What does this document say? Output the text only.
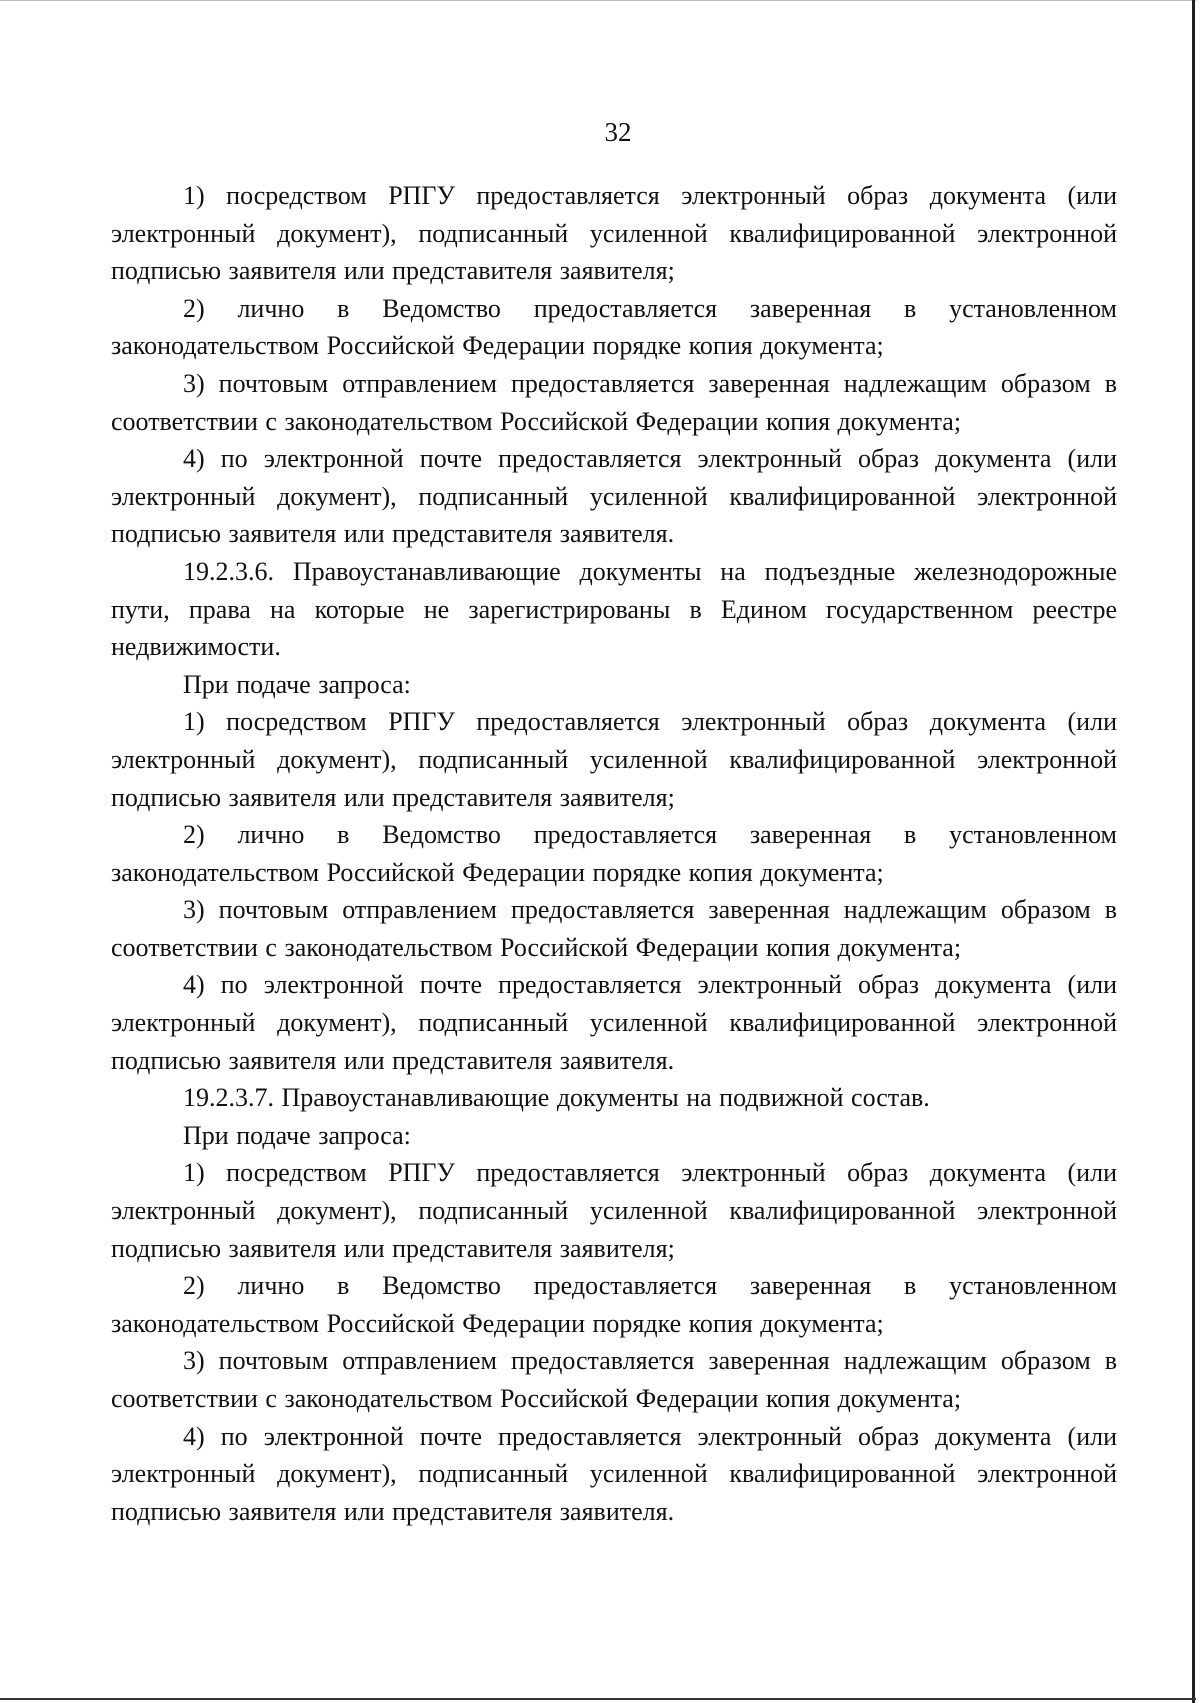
32

1) посредством РПГУ предоставляется электронный образ документа (или электронный документ), подписанный усиленной квалифицированной электронной подписью заявителя или представителя заявителя;

2) лично в Ведомство предоставляется заверенная в установленном законодательством Российской Федерации порядке копия документа;

3) почтовым отправлением предоставляется заверенная надлежащим образом в соответствии с законодательством Российской Федерации копия документа;

4) по электронной почте предоставляется электронный образ документа (или электронный документ), подписанный усиленной квалифицированной электронной подписью заявителя или представителя заявителя.

19.2.3.6. Правоустанавливающие документы на подъездные железнодорожные пути, права на которые не зарегистрированы в Едином государственном реестре недвижимости.

При подаче запроса:

1) посредством РПГУ предоставляется электронный образ документа (или электронный документ), подписанный усиленной квалифицированной электронной подписью заявителя или представителя заявителя;

2) лично в Ведомство предоставляется заверенная в установленном законодательством Российской Федерации порядке копия документа;

3) почтовым отправлением предоставляется заверенная надлежащим образом в соответствии с законодательством Российской Федерации копия документа;

4) по электронной почте предоставляется электронный образ документа (или электронный документ), подписанный усиленной квалифицированной электронной подписью заявителя или представителя заявителя.

19.2.3.7. Правоустанавливающие документы на подвижной состав.

При подаче запроса:

1) посредством РПГУ предоставляется электронный образ документа (или электронный документ), подписанный усиленной квалифицированной электронной подписью заявителя или представителя заявителя;

2) лично в Ведомство предоставляется заверенная в установленном законодательством Российской Федерации порядке копия документа;

3) почтовым отправлением предоставляется заверенная надлежащим образом в соответствии с законодательством Российской Федерации копия документа;

4) по электронной почте предоставляется электронный образ документа (или электронный документ), подписанный усиленной квалифицированной электронной подписью заявителя или представителя заявителя.
